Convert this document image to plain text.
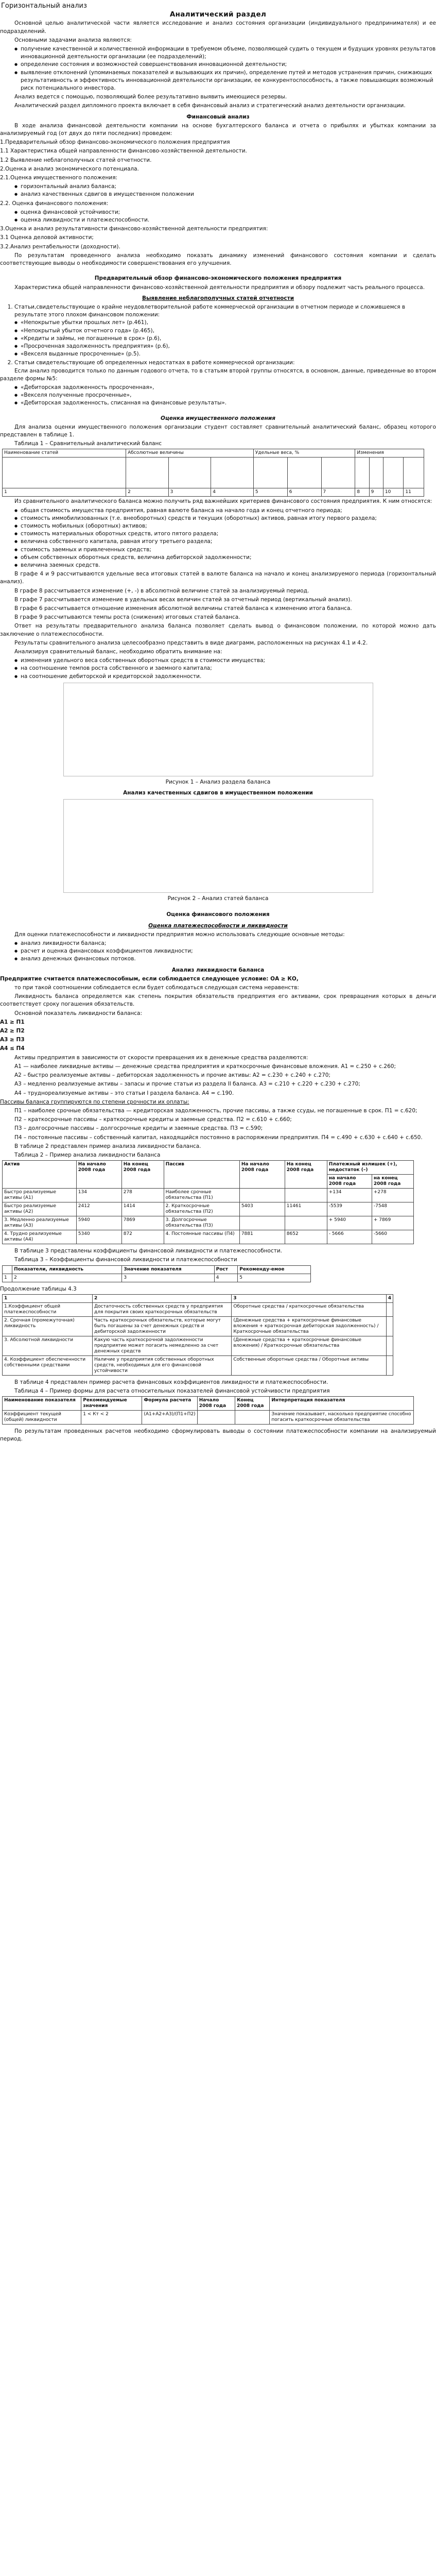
Горизонтальный анализ
Аналитический раздел

Основной целью аналитической части является исследование и анализ состояния организации (индивидуального предпринимателя) и ее подразделений.

Основными задачами анализа являются:

● получение качественной и количественной информации в требуемом объеме, позволяющей судить о текущем и будущих уровнях результатов инновационной деятельности организации (ее подразделений);
● определение состояния и возможностей совершенствования инновационной деятельности;
● выявление отклонений (упоминаемых показателей и вызывающих их причин), определение путей и методов устранения причин, снижающих результативность и эффективность инновационной деятельности организации, ее конкурентоспособность, а также повышающих возможный риск потенциального инвестора.

Анализ ведется с помощью, позволяющий более результативно выявить имеющиеся резервы.

Аналитический раздел дипломного проекта включает в себя финансовый анализ и стратегический анализ деятельности организации.

Финансовый анализ

В ходе анализа финансовой деятельности компании на основе бухгалтерского баланса и отчета о прибылях и убытках компании за анализируемый год (от двух до пяти последних) проведем:

1.Предварительный обзор финансово-экономического положения предприятия

1.1 Характеристика общей направленности финансово-хозяйственной деятельности.

1.2 Выявление неблагополучных статей отчетности.

2.Оценка и анализ экономического потенциала.

2.1.Оценка имущественного положения:

● горизонтальный анализ баланса;
● анализ качественных сдвигов в имущественном положении

2.2. Оценка финансового положения:

● оценка финансовой устойчивости;
● оценка ликвидности и платежеспособности.

3.Оценка и анализ результативности финансово-хозяйственной деятельности предприятия:

3.1 Оценка деловой активности;

3.2.Анализ рентабельности (доходности).

По результатам проведенного анализа необходимо показать динамику изменений финансового состояния компании и сделать соответствующие выводы о необходимости совершенствования его улучшения.

Предварительный обзор финансово-экономического положения предприятия

Характеристика общей направленности финансово-хозяйственной деятельности предприятия и обзору подлежит часть реального процесса.

Выявление неблагополучных статей отчетности
1. Статьи,свидетельствующие о крайне неудовлетворительной работе коммерческой организации в отчетном периоде и сложившемся в результате этого плохом финансовом положении:
● «Непокрытые убытки прошлых лет» (р.461),
● «Непокрытый убыток отчетного года» (р.465),
● «Кредиты и займы, не погашенные в срок» (р.6),
● «Просроченная задолженность предприятия» (р.6),
● «Векселя выданные просроченные» (р.5).
2. Статьи свидетельствующие об определенных недостатках в работе коммерческой организации:

Если анализ проводится только по данным годового отчета, то в статьям второй группы относятся, в основном, данные, приведенные во втором разделе формы №5:

● «Дебиторская задолженность просроченная»,
● «Векселя полученные просроченные»,
● «Дебиторская задолженность, списанная на финансовые результаты».
Оценка имущественного положения

Для анализа оценки имущественного положения организации студент составляет сравнительный аналитический баланс, образец которого представлен в таблице 1.

Таблица 1 – Сравнительный аналитический баланс

Наименование статей	Абсолютные величины			Удельные веса, %			Изменения			

1	2	3	4	5	6	7	8	9	10	11

Из сравнительного аналитического баланса можно получить ряд важнейших критериев финансового состояния предприятия. К ним относятся:

● общая стоимость имущества предприятия, равная валюте баланса на начало года и конец отчетного периода;
● стоимость иммобилизованных (т.е. внеоборотных) средств и текущих (оборотных) активов, равная итогу первого раздела;
● стоимость мобильных (оборотных) активов;
● стоимость материальных оборотных средств, итого пятого раздела;
● величина собственного капитала, равная итогу третьего раздела;
● стоимость заемных и привлеченных средств;
● объем собственных оборотных средств, величина дебиторской задолженности;
● величина заемных средств.

В графе 4 и 9 рассчитываются удельные веса итоговых статей в валюте баланса на начало и конец анализируемого периода (горизонтальный анализ).

В графе 8 рассчитывается изменение (+, -) в абсолютной величине статей за анализируемый период.

В графе 7 рассчитывается изменение в удельных весах величин статей за отчетный период (вертикальный анализ).

В графе 6 рассчитывается отношение изменения абсолютной величины статей баланса к изменению итога баланса.

В графе 9 рассчитываются темпы роста (снижения) итоговых статей баланса.

Ответ на результаты предварительного анализа баланса позволяет сделать вывод о финансовом положении, по которой можно дать заключение о платежеспособности.

Результаты сравнительного анализа целесообразно представить в виде диаграмм, расположенных на рисунках 4.1 и 4.2.

Анализируя сравнительный баланс, необходимо обратить внимание на:

● изменения удельного веса собственных оборотных средств в стоимости имущества;
● на соотношение темпов роста собственного и заемного капитала;
● на соотношение дебиторской и кредиторской задолженности.
Рисунок 1 – Анализ раздела баланса
Анализ качественных сдвигов в имущественном положении
Рисунок 2 – Анализ статей баланса
Оценка финансового положения
Оценка платежеспособности и ликвидности

Для оценки платежеспособности и ликвидности предприятия можно использовать следующие основные методы:

● анализ ликвидности баланса;
● расчет и оценка финансовых коэффициентов ликвидности;
● анализ денежных финансовых потоков.
Анализ ликвидности баланса

Предприятие считается платежеспособным, если соблюдается следующее условие: ОА ≥ КО,

то при такой соотношении соблюдается если будет соблюдаться следующая система неравенств:

Ликвидность баланса определяется как степень покрытия обязательств предприятия его активами, срок превращения которых в деньги соответствует сроку погашения обязательств.

Основной показатель ликвидности баланса:

А1 ≥ П1
А2 ≥ П2
А3 ≥ П3
А4 ≤ П4

Активы предприятия в зависимости от скорости превращения их в денежные средства разделяются:

А1 — наиболее ликвидные активы — денежные средства предприятия и краткосрочные финансовые вложения. А1 = с.250 + с.260;

А2 – быстро реализуемые активы – дебиторская задолженность и прочие активы: А2 = с.230 + с.240 + с.270;

А3 – медленно реализуемые активы – запасы и прочие статьи из раздела II баланса. А3 = с.210 + с.220 + с.230 + с.270;

А4 – труднореализуемые активы – это статьи I раздела баланса. А4 = с.190.

Пассивы баланса группируются по степени срочности их оплаты:

П1 – наиболее срочные обязательства — кредиторская задолженность, прочие пассивы, а также ссуды, не погашенные в срок. П1 = с.620;

П2 – краткосрочные пассивы – краткосрочные кредиты и заемные средства. П2 = с.610 + с.660;

П3 – долгосрочные пассивы – долгосрочные кредиты и заемные средства. П3 = с.590;

П4 – постоянные пассивы – собственный капитал, находящийся постоянно в распоряжении предприятия. П4 = с.490 + с.630 + с.640 + с.650.

В таблице 2 представлен пример анализа ликвидности баланса.

Таблица 2 – Пример анализа ликвидности баланса

Актив	На начало 2008 года	На конец 2008 года	Пассив	На начало 2008 года	На конец 2008 года	Платежный излишек (+), недостаток (–)	
						на начало 2008 года	на конец 2008 года
Быстро реализуемые активы (А1)	134	278	Наиболее срочные обязательства (П1)			+134	+278
Быстро реализуемые активы (А2)	2412	1414	2. Краткосрочные обязательства (П2)	5403	11461	-5539	-7548
3. Медленно реализуемые активы (А3)	5940	7869	3. Долгосрочные обязательства (П3)			+ 5940	+ 7869
4. Трудно реализуемые активы (А4)	5340	872	4. Постоянные пассивы (П4)	7881	8652	- 5666	-5660

В таблице 3 представлены коэффициенты финансовой ликвидности и платежеспособности.

Таблица 3 – Коэффициенты финансовой ликвидности и платежеспособности

	Показатели, ликвидность	Значение показателя	Рост	Рекоменду-емое
1	2	3	4	5

Продолжение таблицы 4.3

1	2	3	4
1.Коэффициент общей платежеспособности	Достаточность собственных средств у предприятия для покрытия своих краткосрочных обязательств	Оборотные средства / краткосрочные обязательства	
2. Срочная (промежуточная) ликвидность	Часть краткосрочных обязательств, которые могут быть погашены за счет денежных средств и дебиторской задолженности	(Денежные средства + краткосрочные финансовые вложения + краткосрочная дебиторская задолженность) / Краткосрочные обязательства	
3. Абсолютной ликвидности	Какую часть краткосрочной задолженности предприятие может погасить немедленно за счет денежных средств	(Денежные средства + краткосрочные финансовые вложения) / Краткосрочные обязательства	
4. Коэффициент обеспеченности собственными средствами	Наличие у предприятия собственных оборотных средств, необходимых для его финансовой устойчивости	Собственные оборотные средства / Оборотные активы	

В таблице 4 представлен пример расчета финансовых коэффициентов ликвидности и платежеспособности.

Таблица 4 – Пример формы для расчета относительных показателей финансовой устойчивости предприятия

Наименование показателя	Рекомендуемые значения	Формула расчета	Начало 2008 года	Конец 2008 года	Интерпретация показателя
Коэффициент текущей (общей) ликвидности	1 < Кт < 2	(А1+А2+А3)/(П1+П2)			Значение показывает, насколько предприятие способно погасить краткосрочные обязательства

По результатам проведенных расчетов необходимо сформулировать выводы о состоянии платежеспособности компании на анализируемый период.
